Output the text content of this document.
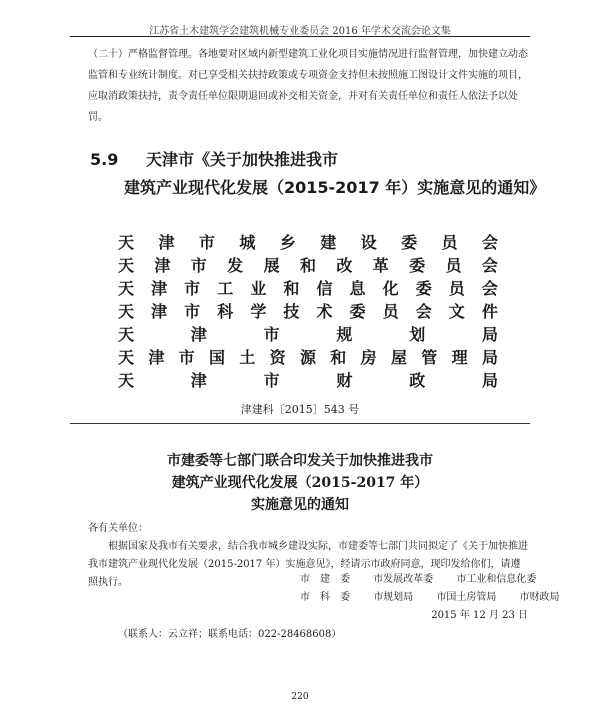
江苏省土木建筑学会建筑机械专业委员会 2016 年学术交流会论文集
（二十）严格监督管理。各地要对区域内新型建筑工业化项目实施情况进行监督管理，加快建立动态监管和专业统计制度。对已享受相关扶持政策或专项资金支持但未按照施工图设计文件实施的项目，应取消政策扶持，责令责任单位限期退回或补交相关资金，并对有关责任单位和责任人依法予以处罚。
5.9 天津市《关于加快推进我市
建筑产业现代化发展（2015-2017 年）实施意见的通知》
天 津 市 城 乡 建 设 委 员 会
天 津 市 发 展 和 改 革 委 员 会
天 津 市 工 业 和 信 息 化 委 员 会
天 津 市 科 学 技 术 委 员 会 文 件
天	津	市	规	划	局
天 津 市 国 土 资 源 和 房 屋 管 理 局
天	津	市	财	政	局
津建科〔2015〕543 号
市建委等七部门联合印发关于加快推进我市
建筑产业现代化发展（2015-2017 年）
实施意见的通知
各有关单位：
根据国家及我市有关要求，结合我市城乡建设实际，市建委等七部门共同拟定了《关于加快推进我市建筑产业现代化发展（2015-2017 年）实施意见》，经请示市政府同意，现印发给你们，请遵照执行。	市　建　委　　 市发展改革委　　 市工业和信息化委
市　科　委　　 市规划局　　 市国土房管局　　 市财政局
2015 年 12 月 23 日
（联系人：云立祥；联系电话：022-28468608）
220
